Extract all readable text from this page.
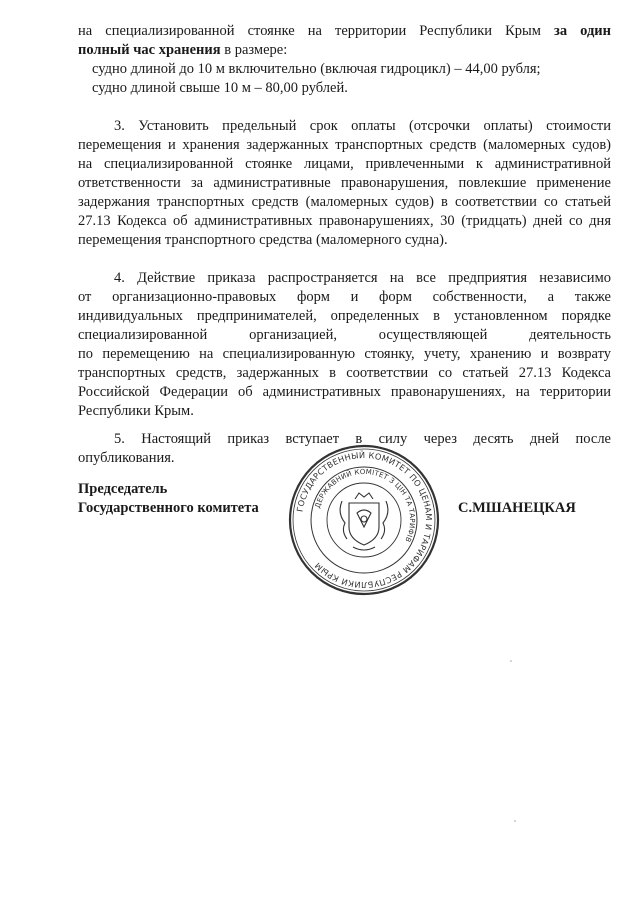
на специализированной стоянке на территории Республики Крым за один
полный час хранения в размере:
судно длиной до 10 м включительно (включая гидроцикл) – 44,00 рубля;
судно длиной свыше 10 м – 80,00 рублей.
3. Установить предельный срок оплаты (отсрочки оплаты) стоимости
перемещения и хранения задержанных транспортных средств (маломерных судов)
на специализированной стоянке лицами, привлеченными к административной
ответственности за административные правонарушения, повлекшие применение
задержания транспортных средств (маломерных судов) в соответствии со статьей
27.13 Кодекса об административных правонарушениях, 30 (тридцать) дней со дня
перемещения транспортного средства (маломерного судна).
4. Действие приказа распространяется на все предприятия независимо
от организационно-правовых форм и форм собственности, а также
индивидуальных предпринимателей, определенных в установленном порядке
специализированной организацией, осуществляющей деятельность
по перемещению на специализированную стоянку, учету, хранению и возврату
транспортных средств, задержанных в соответствии со статьей 27.13 Кодекса
Российской Федерации об административных правонарушениях, на территории
Республики Крым.
5. Настоящий приказ вступает в силу через десять дней после
опубликования.
Председатель
Государственного комитета	С.МШАНЕЦКАЯ
ГОСУДАРСТВЕННЫЙ КОМИТЕТ ПО ЦЕНАМ И ТАРИФАМ РЕСПУБЛИКИ КРЫМ
ДЕРЖАВНИЙ КОМІТЕТ З ЦІН ТА ТАРИФІВ
